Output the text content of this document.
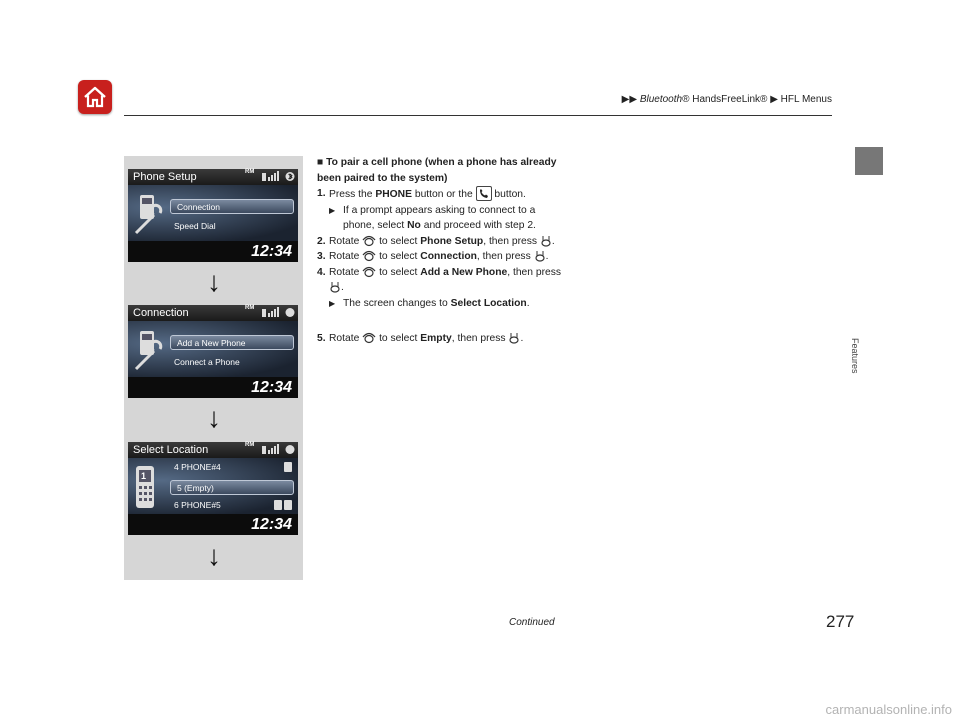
▶▶ Bluetooth® HandsFreeLink® ▶ HFL Menus
Features
Phone Setup	RM
Connection
Speed Dial
12:34
↓
Connection	RM
Add a New Phone
Connect a Phone
12:34
↓
Select Location	RM
1
4 PHONE#4
5 (Empty)
6 PHONE#5
12:34
↓

■ To pair a cell phone (when a phone has already been paired to the system)

1. Press the PHONE button or the  button.

▶ If a prompt appears asking to connect to a phone, select No and proceed with step 2.

2. Rotate  to select Phone Setup, then press .

3. Rotate  to select Connection, then press .

4. Rotate  to select Add a New Phone, then press .

▶ The screen changes to Select Location.

5. Rotate  to select Empty, then press .

Continued	277
carmanualsonline.info
